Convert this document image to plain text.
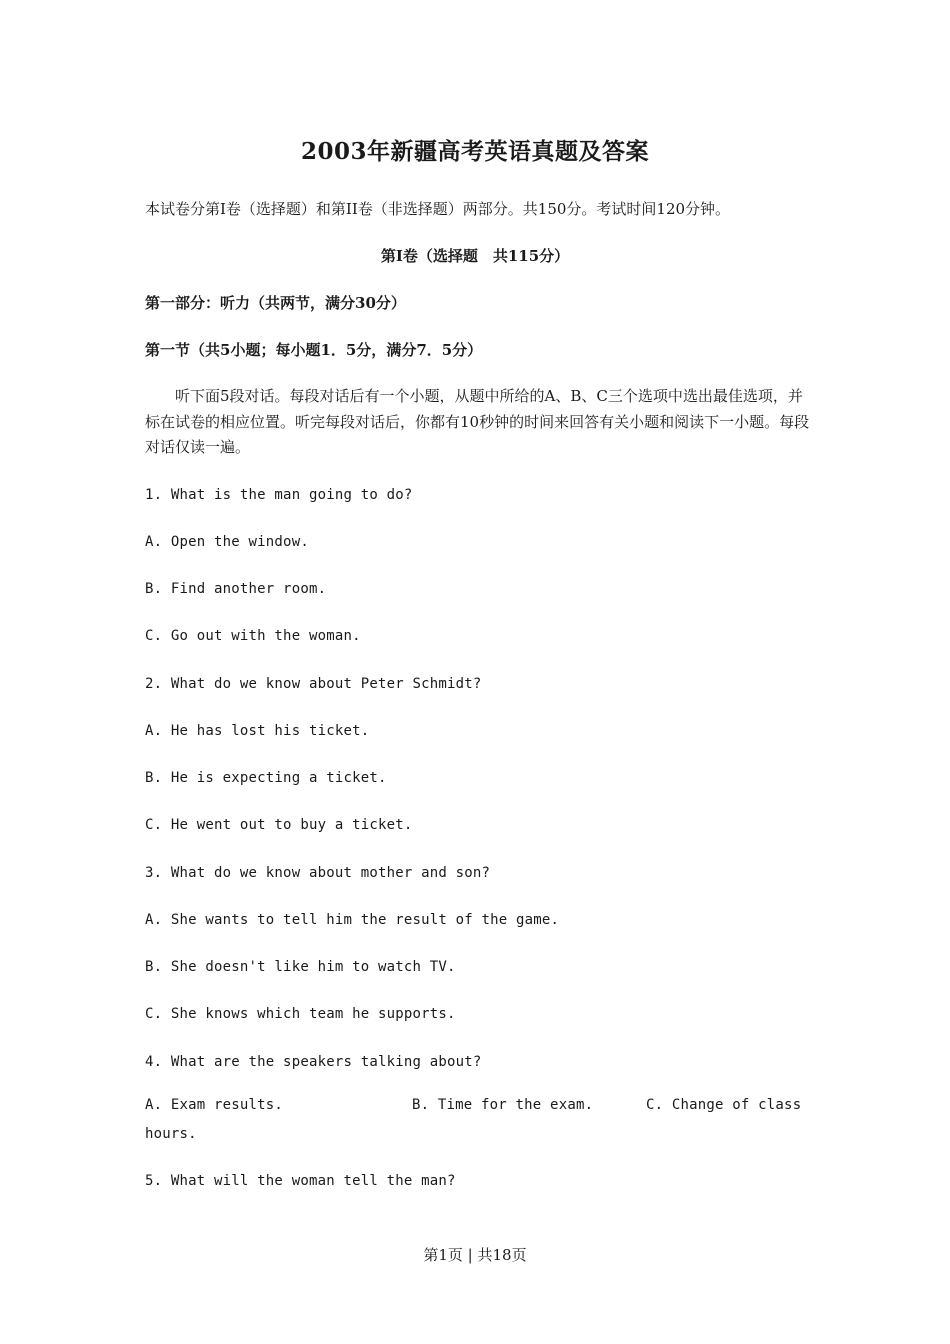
2003年新疆高考英语真题及答案
本试卷分第I卷（选择题）和第II卷（非选择题）两部分。共150分。考试时间120分钟。
第I卷（选择题　共115分）
第一部分：听力（共两节，满分30分）
第一节（共5小题；每小题1．5分，满分7．5分）
听下面5段对话。每段对话后有一个小题，从题中所给的A、B、C三个选项中选出最佳选项，并标在试卷的相应位置。听完每段对话后，你都有10秒钟的时间来回答有关小题和阅读下一小题。每段对话仅读一遍。
1. What is the man going to do?
A. Open the window.
B. Find another room.
C. Go out with the woman.
2. What do we know about Peter Schmidt?
A. He has lost his ticket.
B. He is expecting a ticket.
C. He went out to buy a ticket.
3. What do we know about mother and son?
A. She wants to tell him the result of the game.
B. She doesn't like him to watch TV.
C. She knows which team he supports.
4. What are the speakers talking about?
A. Exam results.	B. Time for the exam.	C. Change of class
hours.
5. What will the woman tell the man?
第1页 | 共18页
